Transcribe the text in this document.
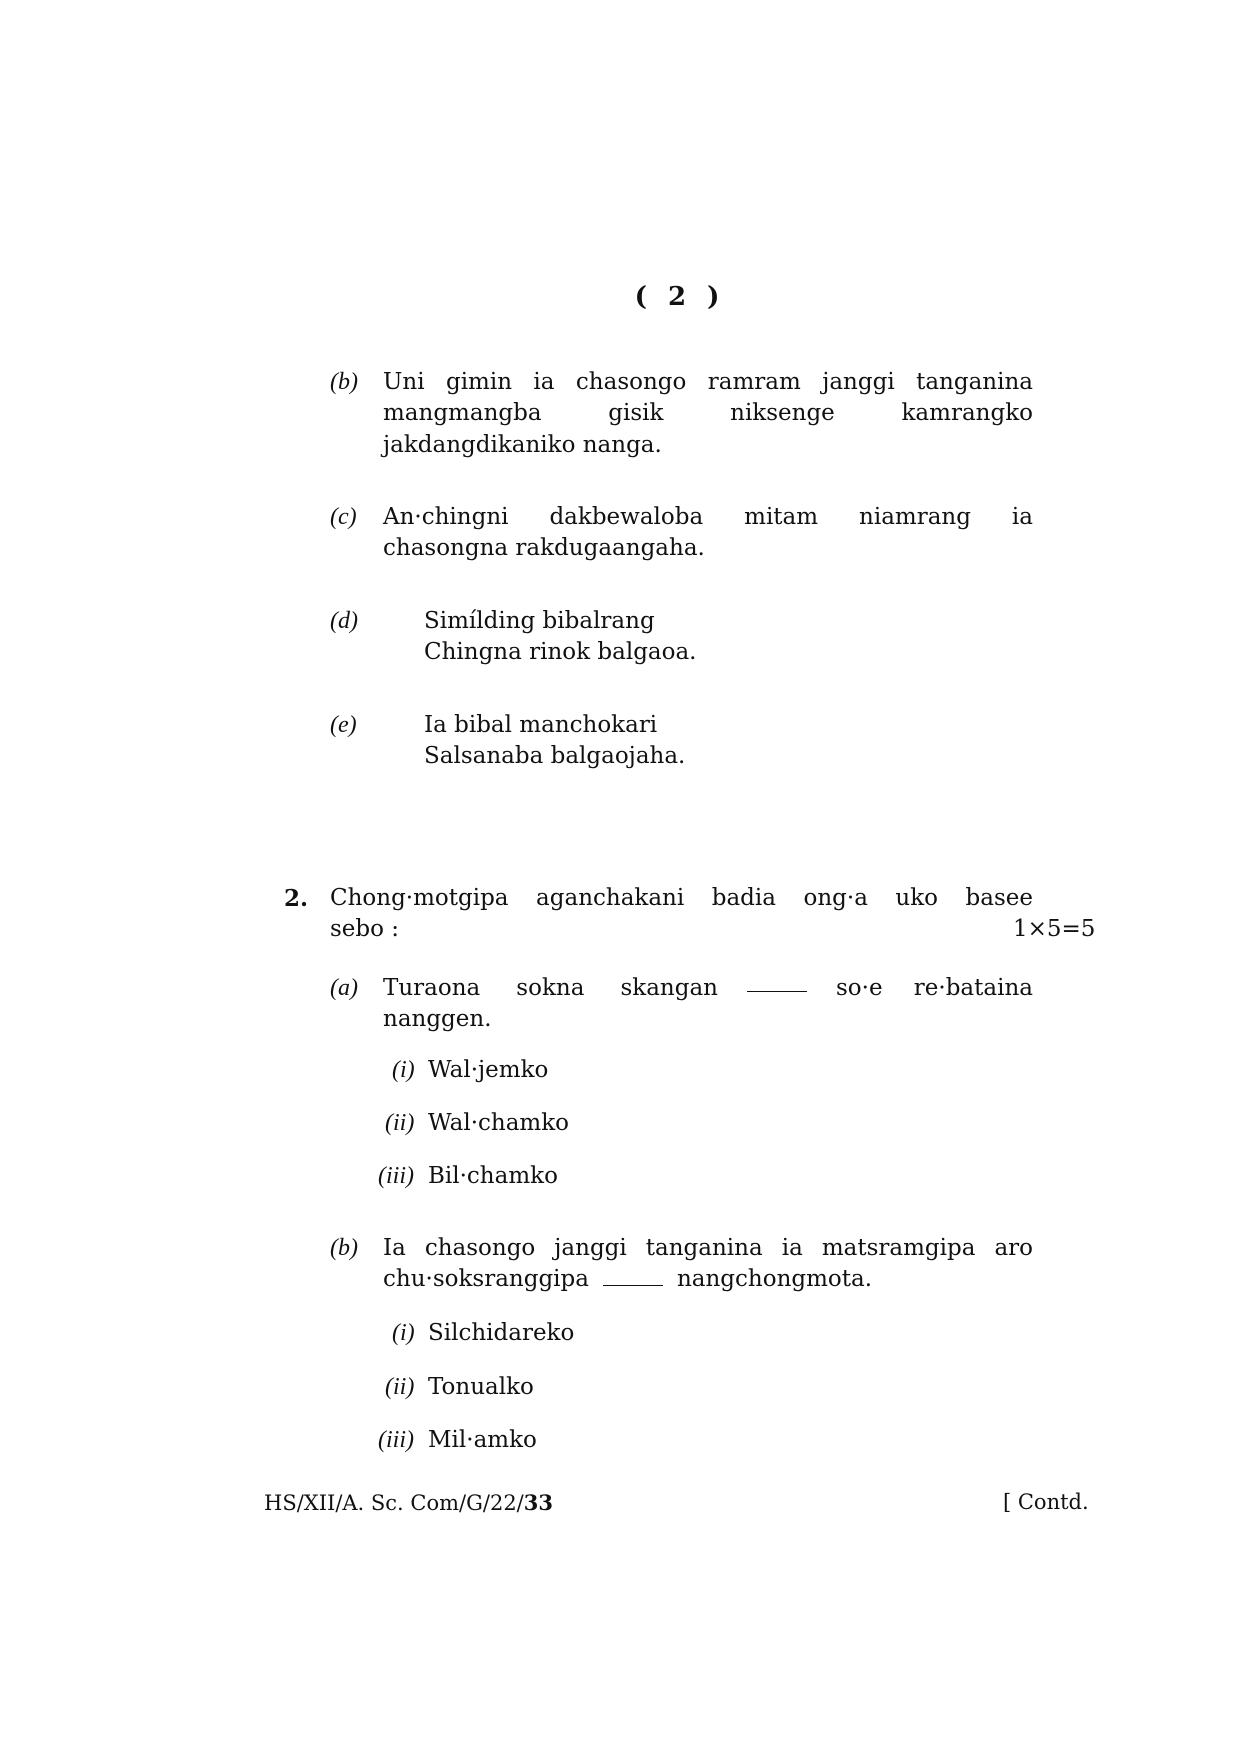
( 2 )
(b) Uni gimin ia chasongo ramram janggi tanganina
mangmangba gisik niksenge kamrangko
jakdangdikaniko nanga.
(c) An·chingni dakbewaloba mitam niamrang ia
chasongna rakdugaangaha.
(d)	Simílding bibalrang
Chingna rinok balgaoa.
(e)	Ia bibal manchokari
Salsanaba balgaojaha.
2. Chong·motgipa aganchakani badia ong·a uko basee
sebo :	1×5=5
(a) Turaona sokna skangan	so·e re·bataina
nanggen.
(i) Wal·jemko
(ii) Wal·chamko
(iii) Bil·chamko
(b) Ia chasongo janggi tanganina ia matsramgipa aro
chu·soksranggipa	nangchongmota.
(i) Silchidareko
(ii) Tonualko
(iii) Mil·amko
HS/XII/A. Sc. Com/G/22/33	[ Contd.
